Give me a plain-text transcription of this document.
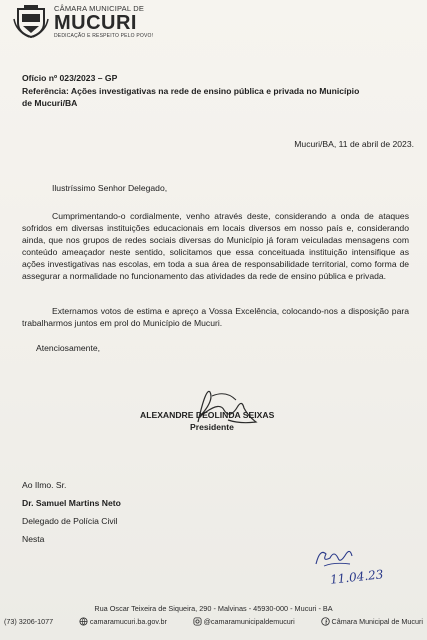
CÂMARA MUNICIPAL DE
MUCURI
DEDICAÇÃO E RESPEITO PELO POVO!
Ofício nº 023/2023 – GP
Referência: Ações investigativas na rede de ensino pública e privada no Município
de Mucuri/BA
Mucuri/BA, 11 de abril de 2023.
Ilustríssimo Senhor Delegado,
Cumprimentando-o cordialmente, venho através deste, considerando a onda de ataques sofridos em diversas instituições educacionais em locais diversos em nosso país e, considerando ainda, que nos grupos de redes sociais diversas do Município já foram veiculadas mensagens com conteúdo ameaçador neste sentido, solicitamos que essa conceituada instituição intensifique as ações investigativas nas escolas, em toda a sua área de responsabilidade territorial, como forma de assegurar a normalidade no funcionamento das atividades da rede de ensino pública e privada.
Externamos votos de estima e apreço a Vossa Excelência, colocando-nos a disposição para trabalharmos juntos em prol do Município de Mucuri.
Atenciosamente,
ALEXANDRE DEOLINDA SEIXAS
Presidente
Ao Ilmo. Sr.
Dr. Samuel Martins Neto
Delegado de Polícia Civil
Nesta
11.04.23
Rua Oscar Teixeira de Siqueira, 290 - Malvinas - 45930-000 - Mucuri - BA
(73) 3206-1077	camaramucuri.ba.gov.br	@camaramunicipaldemucuri	Câmara Municipal de Mucuri
